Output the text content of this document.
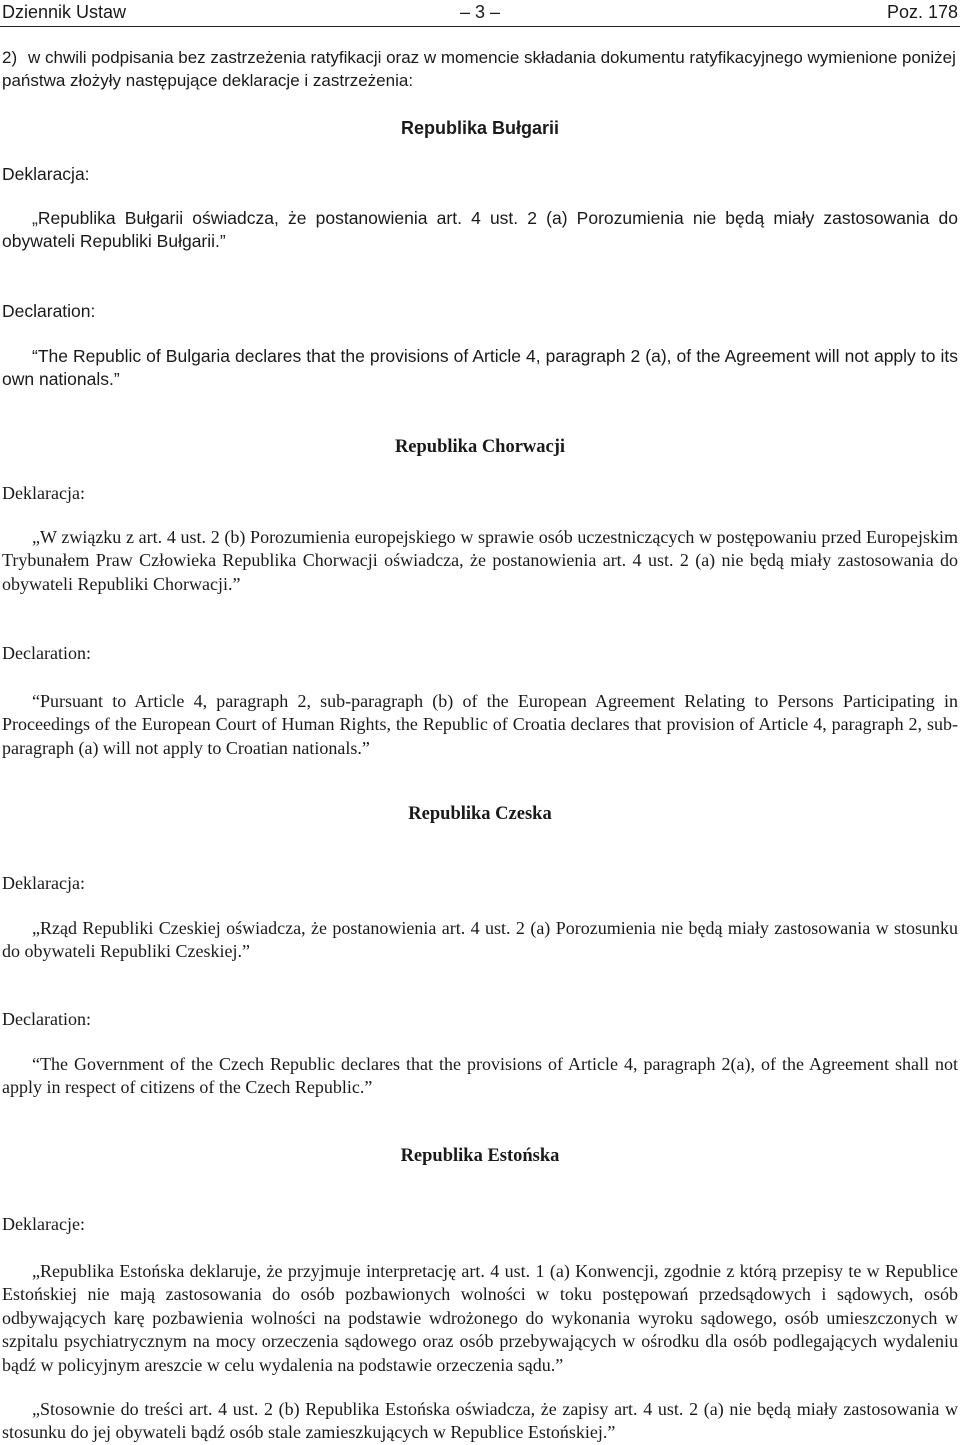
Dziennik Ustaw	– 3 –	Poz. 178

2) w chwili podpisania bez zastrzeżenia ratyfikacji oraz w momencie składania dokumentu ratyfikacyjnego wymienione poniżej państwa złożyły następujące deklaracje i zastrzeżenia:

Republika Bułgarii

Deklaracja:

„Republika Bułgarii oświadcza, że postanowienia art. 4 ust. 2 (a) Porozumienia nie będą miały zastosowania do obywateli Republiki Bułgarii.”

Declaration:

“The Republic of Bulgaria declares that the provisions of Article 4, paragraph 2 (a), of the Agreement will not apply to its own nationals.”

Republika Chorwacji

Deklaracja:

„W związku z art. 4 ust. 2 (b) Porozumienia europejskiego w sprawie osób uczestniczących w postępowaniu przed Europejskim Trybunałem Praw Człowieka Republika Chorwacji oświadcza, że postanowienia art. 4 ust. 2 (a) nie będą miały zastosowania do obywateli Republiki Chorwacji.”

Declaration:

“Pursuant to Article 4, paragraph 2, sub-paragraph (b) of the European Agreement Relating to Persons Participating in Proceedings of the European Court of Human Rights, the Republic of Croatia declares that provision of Article 4, paragraph 2, sub-paragraph (a) will not apply to Croatian nationals.”

Republika Czeska

Deklaracja:

„Rząd Republiki Czeskiej oświadcza, że postanowienia art. 4 ust. 2 (a) Porozumienia nie będą miały zastosowania w stosunku do obywateli Republiki Czeskiej.”

Declaration:

“The Government of the Czech Republic declares that the provisions of Article 4, paragraph 2(a), of the Agreement shall not apply in respect of citizens of the Czech Republic.”

Republika Estońska

Deklaracje:

„Republika Estońska deklaruje, że przyjmuje interpretację art. 4 ust. 1 (a) Konwencji, zgodnie z którą przepisy te w Republice Estońskiej nie mają zastosowania do osób pozbawionych wolności w toku postępowań przedsądowych i sądowych, osób odbywających karę pozbawienia wolności na podstawie wdrożonego do wykonania wyroku sądowego, osób umieszczonych w szpitalu psychiatrycznym na mocy orzeczenia sądowego oraz osób przebywających w ośrodku dla osób podlegających wydaleniu bądź w policyjnym areszcie w celu wydalenia na podstawie orzeczenia sądu.”

„Stosownie do treści art. 4 ust. 2 (b) Republika Estońska oświadcza, że zapisy art. 4 ust. 2 (a) nie będą miały zastosowania w stosunku do jej obywateli bądź osób stale zamieszkujących w Republice Estońskiej.”
